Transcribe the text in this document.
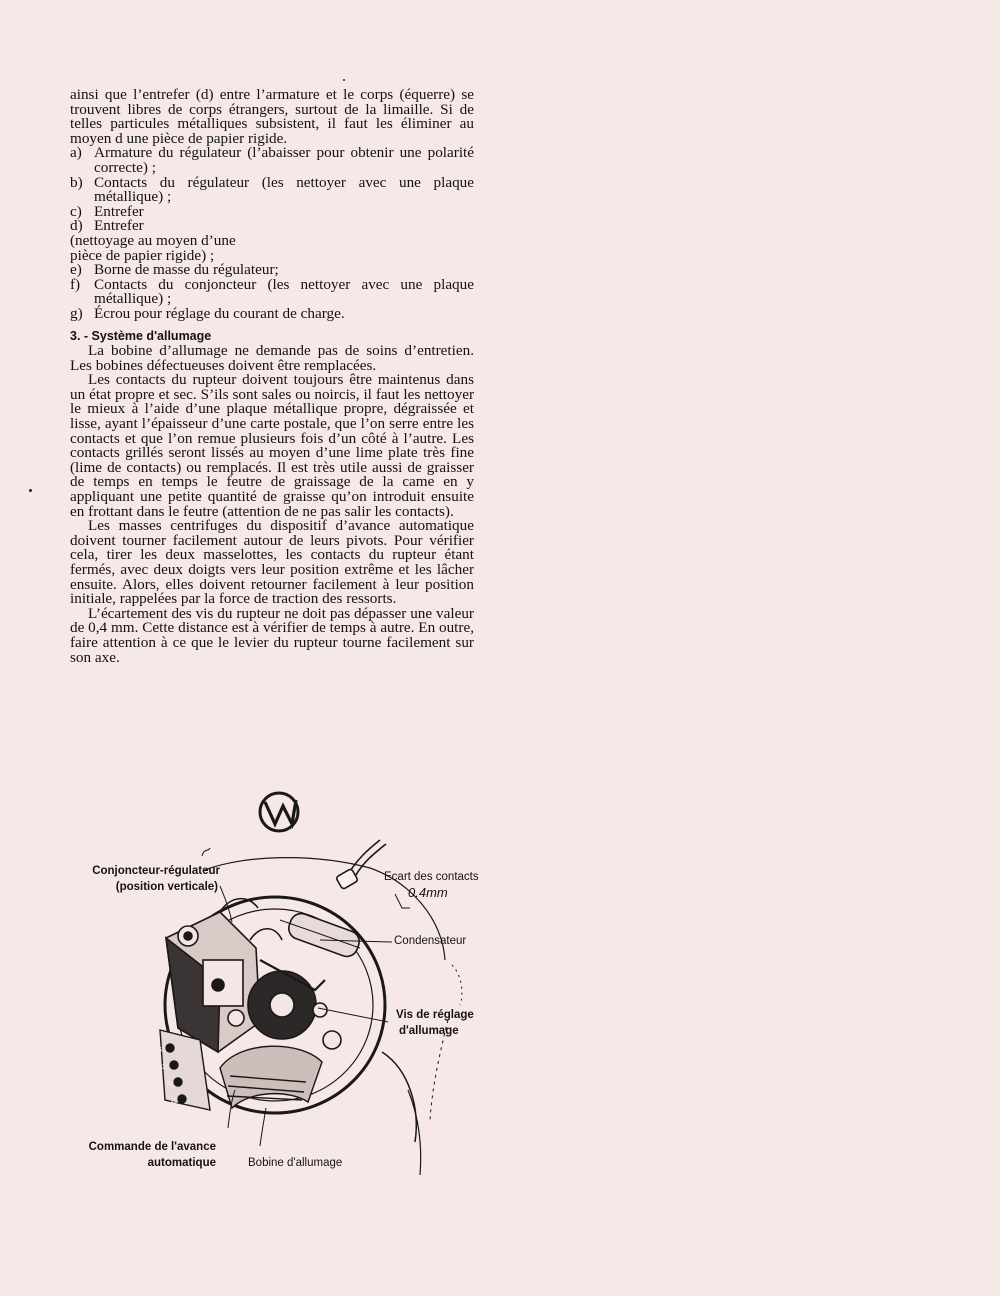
ainsi que l’entrefer (d) entre l’armature et le corps (équerre) se trouvent libres de corps étrangers, surtout de la limaille. Si de telles particules métalliques subsistent, il faut les éliminer au moyen d une pièce de papier rigide.

a) Armature du régulateur (l’abaisser pour obtenir une polarité correcte) ;
b) Contacts du régulateur (les nettoyer avec une plaque métallique) ;
c) Entrefer
d) Entrefer

(nettoyage au moyen d’une

pièce de papier rigide) ;

e) Borne de masse du régulateur;
f) Contacts du conjoncteur (les nettoyer avec une plaque métallique) ;
g) Écrou pour réglage du courant de charge.

3. - Système d'allumage

La bobine d’allumage ne demande pas de soins d’entretien. Les bobines défectueuses doivent être remplacées.

Les contacts du rupteur doivent toujours être maintenus dans un état propre et sec. S’ils sont sales ou noircis, il faut les nettoyer le mieux à l’aide d’une plaque métallique propre, dégraissée et lisse, ayant l’épaisseur d’une carte postale, que l’on serre entre les contacts et que l’on remue plusieurs fois d’un côté à l’autre. Les contacts grillés seront lissés au moyen d’une lime plate très fine (lime de contacts) ou remplacés. Il est très utile aussi de graisser de temps en temps le feutre de graissage de la came en y appliquant une petite quantité de graisse qu’on introduit ensuite en frottant dans le feutre (attention de ne pas salir les contacts).

Les masses centrifuges du dispositif d’avance automatique doivent tourner facilement autour de leurs pivots. Pour vérifier cela, tirer les deux masselottes, les contacts du rupteur étant fermés, avec deux doigts vers leur position extrême et les lâcher ensuite. Alors, elles doivent retourner facilement à leur position initiale, rappelées par la force de traction des ressorts.

L’écartement des vis du rupteur ne doit pas dépasser une valeur de 0,4 mm. Cette distance est à vérifier de temps à autre. En outre, faire attention à ce que le levier du rupteur tourne facilement sur son axe.

61
31
30
15
Conjoncteur-régulateur
(position verticale)
Ecart des contacts
0.4mm
Condensateur
Vis de réglage
d'allumage
Commande de l'avance
automatique	Bobine d'allumage
